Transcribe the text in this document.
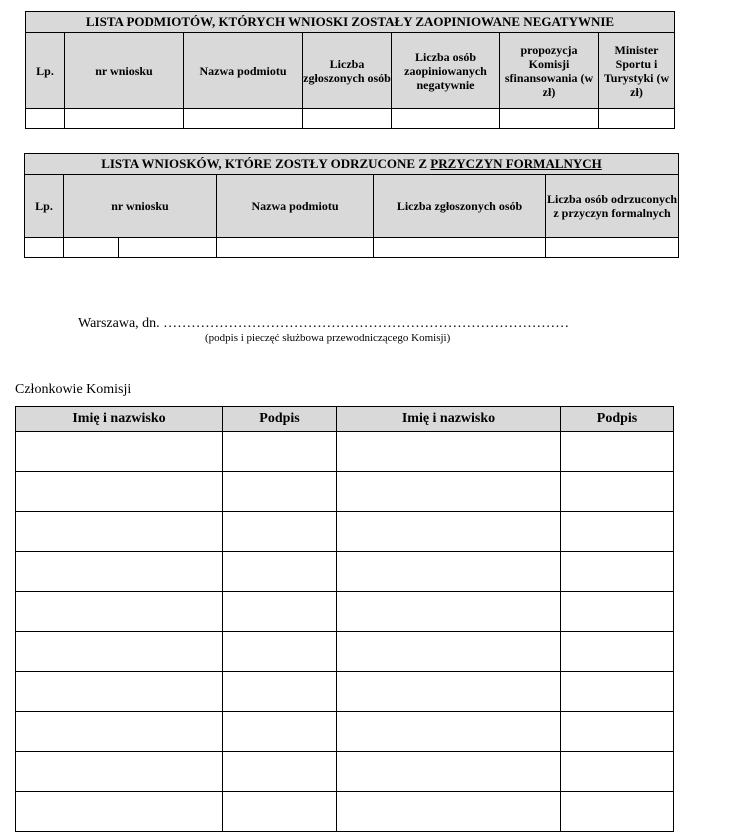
LISTA PODMIOTÓW, KTÓRYCH WNIOSKI ZOSTAŁY ZAOPINIOWANE NEGATYWNIE						
Lp.	nr wniosku	Nazwa podmiotu	Liczba zgłoszonych osób	Liczba osób zaopiniowanych negatywnie	propozycja Komisji sfinansowania (w zł)	Minister Sportu i Turystyki (w zł)

LISTA WNIOSKÓW, KTÓRE ZOSTŁY ODRZUCONE Z PRZYCZYN FORMALNYCH					
Lp.	nr wniosku		Nazwa podmiotu	Liczba zgłoszonych osób	Liczba osób odrzuconych z przyczyn formalnych

Warszawa, dn. ……………………………………………………………………………
(podpis i pieczęć służbowa przewodniczącego Komisji)
Członkowie Komisji
Imię i nazwisko	Podpis	Imię i nazwisko	Podpis
